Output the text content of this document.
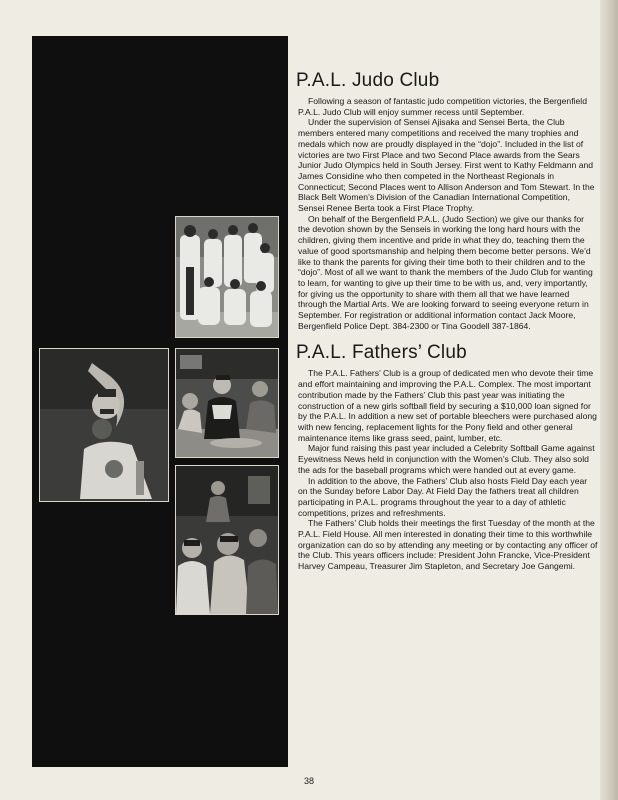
P.A.L. Judo Club

Following a season of fantastic judo competition victories, the Bergenfield P.A.L. Judo Club will enjoy summer recess until September.

Under the supervision of Sensei Ajisaka and Sensei Berta, the Club members entered many competitions and received the many trophies and medals which now are proudly displayed in the “dojo”. Included in the list of victories are two First Place and two Second Place awards from the Sears Junior Judo Olympics held in South Jersey. First went to Kathy Feldmann and James Considine who then competed in the Northeast Regionals in Connecticut; Second Places went to Allison Anderson and Tom Stewart. In the Black Belt Women’s Division of the Canadian International Competition, Sensei Renee Berta took a First Place Trophy.

On behalf of the Bergenfield P.A.L. (Judo Section) we give our thanks for the devotion shown by the Senseis in working the long hard hours with the children, giving them incentive and pride in what they do, teaching them the value of good sportsmanship and helping them become better persons. We’d like to thank the parents for giving their time both to their children and to the “dojo”. Most of all we want to thank the members of the Judo Club for wanting to learn, for wanting to give up their time to be with us, and, very importantly, for giving us the opportunity to share with them all that we have learned through the Martial Arts. We are looking forward to seeing everyone return in September. For registration or additional information contact Jack Moore, Bergenfield Police Dept. 384-2300 or Tina Goodell 387-1864.

P.A.L. Fathers’ Club

The P.A.L. Fathers’ Club is a group of dedicated men who devote their time and effort maintaining and improving the P.A.L. Complex. The most important contribution made by the Fathers’ Club this past year was initiating the construction of a new girls softball field by securing a $10,000 loan signed for by the P.A.L. In addition a new set of portable bleechers were purchased along with new fencing, replacement lights for the Pony field and other general maintenance items like grass seed, paint, lumber, etc.

Major fund raising this past year included a Celebrity Softball Game against Eyewitness News held in conjunction with the Women’s Club. They also sold the ads for the baseball programs which were handed out at every game.

In addition to the above, the Fathers’ Club also hosts Field Day each year on the Sunday before Labor Day. At Field Day the fathers treat all children participating in P.A.L. programs throughout the year to a day of athletic competitions, prizes and refreshments.

The Fathers’ Club holds their meetings the first Tuesday of the month at the P.A.L. Field House. All men interested in donating their time to this worthwhile organization can do so by attending any meeting or by contacting any officer of the Club. This years officers include: President John Francke, Vice-President Harvey Campeau, Treasurer Jim Stapleton, and Secretary Joe Gangemi.

38
